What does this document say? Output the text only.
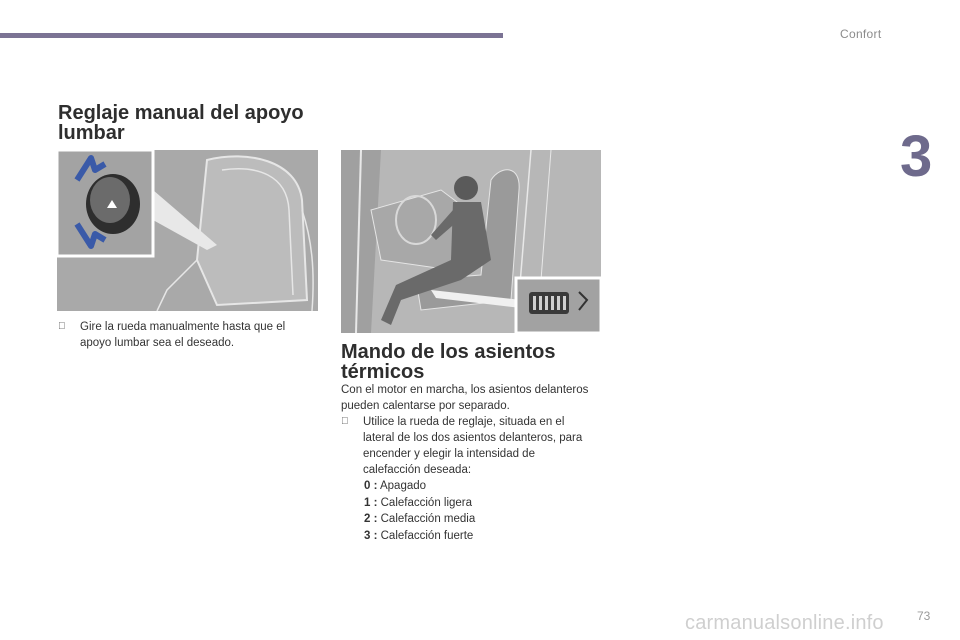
Confort
3
Reglaje manual del apoyo lumbar
Gire la rueda manualmente hasta que el apoyo lumbar sea el deseado.	Mando de los asientos térmicos

Con el motor en marcha, los asientos delanteros pueden calentarse por separado.

Utilice la rueda de reglaje, situada en el lateral de los dos asientos delanteros, para encender y elegir la intensidad de calefacción deseada:
0 : Apagado
1 : Calefacción ligera
2 : Calefacción media
3 : Calefacción fuerte
carmanualsonline.info	73
